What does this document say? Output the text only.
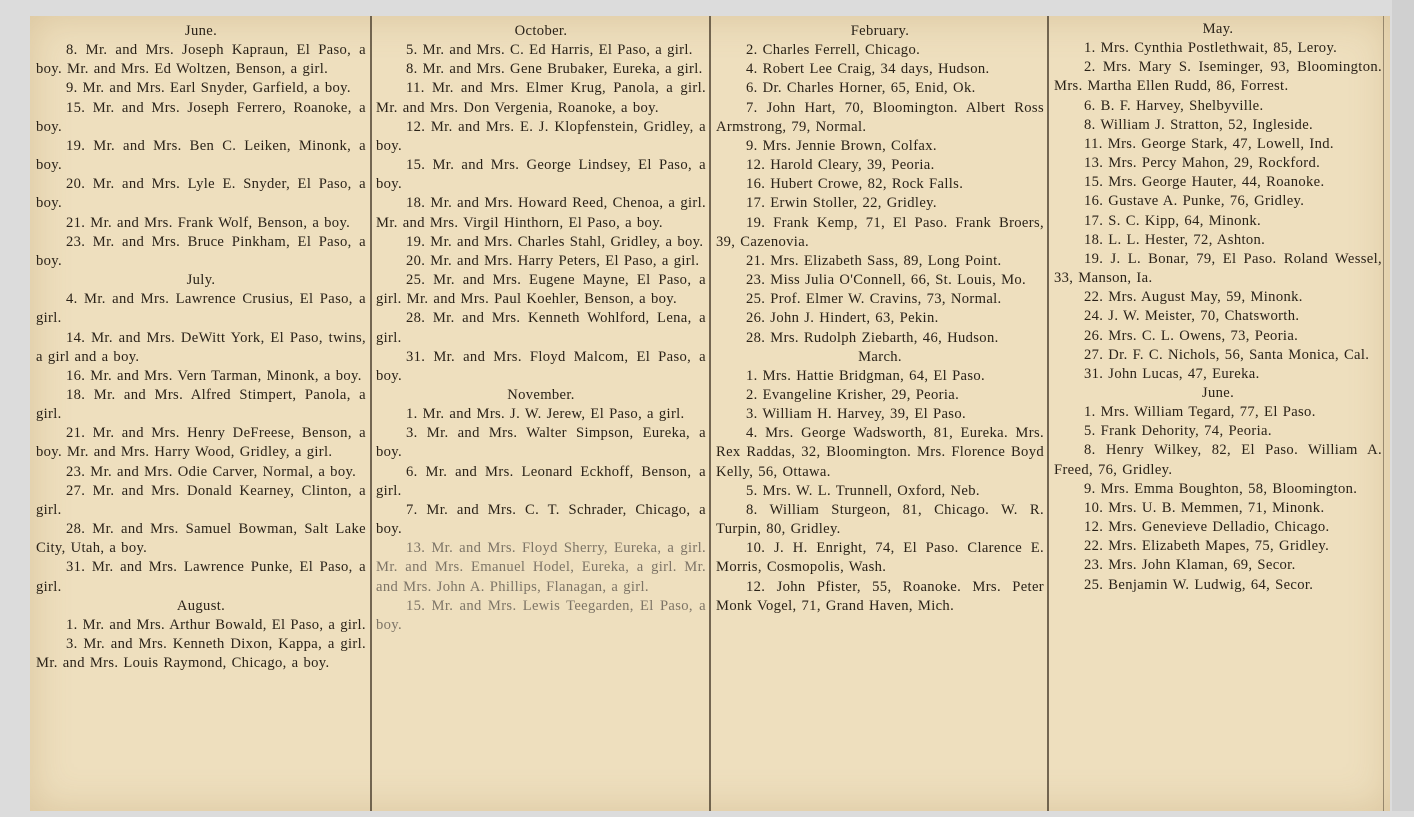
June.

8. Mr. and Mrs. Joseph Kapraun, El Paso, a boy. Mr. and Mrs. Ed Woltzen, Benson, a girl.

9. Mr. and Mrs. Earl Snyder, Garfield, a boy.

15. Mr. and Mrs. Joseph Ferrero, Roanoke, a boy.

19. Mr. and Mrs. Ben C. Leiken, Minonk, a boy.

20. Mr. and Mrs. Lyle E. Snyder, El Paso, a boy.

21. Mr. and Mrs. Frank Wolf, Benson, a boy.

23. Mr. and Mrs. Bruce Pinkham, El Paso, a boy.

July.

4. Mr. and Mrs. Lawrence Crusius, El Paso, a girl.

14. Mr. and Mrs. DeWitt York, El Paso, twins, a girl and a boy.

16. Mr. and Mrs. Vern Tarman, Minonk, a boy.

18. Mr. and Mrs. Alfred Stimpert, Panola, a girl.

21. Mr. and Mrs. Henry DeFreese, Benson, a boy. Mr. and Mrs. Harry Wood, Gridley, a girl.

23. Mr. and Mrs. Odie Carver, Normal, a boy.

27. Mr. and Mrs. Donald Kearney, Clinton, a girl.

28. Mr. and Mrs. Samuel Bowman, Salt Lake City, Utah, a boy.

31. Mr. and Mrs. Lawrence Punke, El Paso, a girl.

August.

1. Mr. and Mrs. Arthur Bowald, El Paso, a girl.

3. Mr. and Mrs. Kenneth Dixon, Kappa, a girl. Mr. and Mrs. Louis Raymond, Chicago, a boy.

October.

5. Mr. and Mrs. C. Ed Harris, El Paso, a girl.

8. Mr. and Mrs. Gene Brubaker, Eureka, a girl.

11. Mr. and Mrs. Elmer Krug, Panola, a girl. Mr. and Mrs. Don Vergenia, Roanoke, a boy.

12. Mr. and Mrs. E. J. Klopfenstein, Gridley, a boy.

15. Mr. and Mrs. George Lindsey, El Paso, a boy.

18. Mr. and Mrs. Howard Reed, Chenoa, a girl. Mr. and Mrs. Virgil Hinthorn, El Paso, a boy.

19. Mr. and Mrs. Charles Stahl, Gridley, a boy.

20. Mr. and Mrs. Harry Peters, El Paso, a girl.

25. Mr. and Mrs. Eugene Mayne, El Paso, a girl. Mr. and Mrs. Paul Koehler, Benson, a boy.

28. Mr. and Mrs. Kenneth Wohlford, Lena, a girl.

31. Mr. and Mrs. Floyd Malcom, El Paso, a boy.

November.

1. Mr. and Mrs. J. W. Jerew, El Paso, a girl.

3. Mr. and Mrs. Walter Simpson, Eureka, a boy.

6. Mr. and Mrs. Leonard Eckhoff, Benson, a girl.

7. Mr. and Mrs. C. T. Schrader, Chicago, a boy.

13. Mr. and Mrs. Floyd Sherry, Eureka, a girl. Mr. and Mrs. Emanuel Hodel, Eureka, a girl. Mr. and Mrs. John A. Phillips, Flanagan, a girl.

15. Mr. and Mrs. Lewis Teegarden, El Paso, a boy.

February.

2. Charles Ferrell, Chicago.

4. Robert Lee Craig, 34 days, Hudson.

6. Dr. Charles Horner, 65, Enid, Ok.

7. John Hart, 70, Bloomington. Albert Ross Armstrong, 79, Normal.

9. Mrs. Jennie Brown, Colfax.

12. Harold Cleary, 39, Peoria.

16. Hubert Crowe, 82, Rock Falls.

17. Erwin Stoller, 22, Gridley.

19. Frank Kemp, 71, El Paso. Frank Broers, 39, Cazenovia.

21. Mrs. Elizabeth Sass, 89, Long Point.

23. Miss Julia O'Connell, 66, St. Louis, Mo.

25. Prof. Elmer W. Cravins, 73, Normal.

26. John J. Hindert, 63, Pekin.

28. Mrs. Rudolph Ziebarth, 46, Hudson.

March.

1. Mrs. Hattie Bridgman, 64, El Paso.

2. Evangeline Krisher, 29, Peoria.

3. William H. Harvey, 39, El Paso.

4. Mrs. George Wadsworth, 81, Eureka. Mrs. Rex Raddas, 32, Bloomington. Mrs. Florence Boyd Kelly, 56, Ottawa.

5. Mrs. W. L. Trunnell, Oxford, Neb.

8. William Sturgeon, 81, Chicago. W. R. Turpin, 80, Gridley.

10. J. H. Enright, 74, El Paso. Clarence E. Morris, Cosmopolis, Wash.

12. John Pfister, 55, Roanoke. Mrs. Peter Monk Vogel, 71, Grand Haven, Mich.

May.

1. Mrs. Cynthia Postlethwait, 85, Leroy.

2. Mrs. Mary S. Iseminger, 93, Bloomington. Mrs. Martha Ellen Rudd, 86, Forrest.

6. B. F. Harvey, Shelbyville.

8. William J. Stratton, 52, Ingleside.

11. Mrs. George Stark, 47, Lowell, Ind.

13. Mrs. Percy Mahon, 29, Rockford.

15. Mrs. George Hauter, 44, Roanoke.

16. Gustave A. Punke, 76, Gridley.

17. S. C. Kipp, 64, Minonk.

18. L. L. Hester, 72, Ashton.

19. J. L. Bonar, 79, El Paso. Roland Wessel, 33, Manson, Ia.

22. Mrs. August May, 59, Minonk.

24. J. W. Meister, 70, Chatsworth.

26. Mrs. C. L. Owens, 73, Peoria.

27. Dr. F. C. Nichols, 56, Santa Monica, Cal.

31. John Lucas, 47, Eureka.

June.

1. Mrs. William Tegard, 77, El Paso.

5. Frank Dehority, 74, Peoria.

8. Henry Wilkey, 82, El Paso. William A. Freed, 76, Gridley.

9. Mrs. Emma Boughton, 58, Bloomington.

10. Mrs. U. B. Memmen, 71, Minonk.

12. Mrs. Genevieve Delladio, Chicago.

22. Mrs. Elizabeth Mapes, 75, Gridley.

23. Mrs. John Klaman, 69, Secor.

25. Benjamin W. Ludwig, 64, Secor.
